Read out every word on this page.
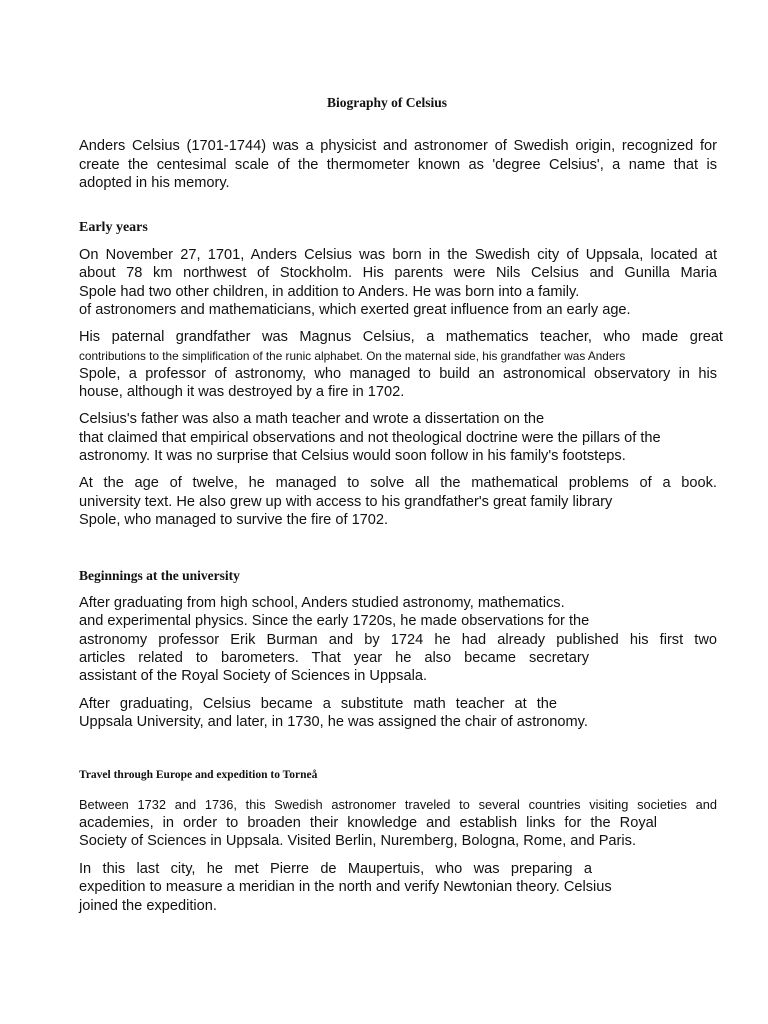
Biography of Celsius
Anders Celsius (1701-1744) was a physicist and astronomer of Swedish origin, recognized for
create the centesimal scale of the thermometer known as 'degree Celsius', a name that is
adopted in his memory.
Early years
On November 27, 1701, Anders Celsius was born in the Swedish city of Uppsala, located at
about 78 km northwest of Stockholm. His parents were Nils Celsius and Gunilla Maria
Spole had two other children, in addition to Anders. He was born into a family.
of astronomers and mathematicians, which exerted great influence from an early age.
His paternal grandfather was Magnus Celsius, a mathematics teacher, who made great
contributions to the simplification of the runic alphabet. On the maternal side, his grandfather was Anders
Spole, a professor of astronomy, who managed to build an astronomical observatory in his
house, although it was destroyed by a fire in 1702.
Celsius's father was also a math teacher and wrote a dissertation on the
that claimed that empirical observations and not theological doctrine were the pillars of the
astronomy. It was no surprise that Celsius would soon follow in his family's footsteps.
At the age of twelve, he managed to solve all the mathematical problems of a book.
university text. He also grew up with access to his grandfather's great family library
Spole, who managed to survive the fire of 1702.
Beginnings at the university
After graduating from high school, Anders studied astronomy, mathematics.
and experimental physics. Since the early 1720s, he made observations for the
astronomy professor Erik Burman and by 1724 he had already published his first two
articles related to barometers. That year he also became secretary
assistant of the Royal Society of Sciences in Uppsala.
After graduating, Celsius became a substitute math teacher at the
Uppsala University, and later, in 1730, he was assigned the chair of astronomy.
Travel through Europe and expedition to Torneå
Between 1732 and 1736, this Swedish astronomer traveled to several countries visiting societies and
academies, in order to broaden their knowledge and establish links for the Royal
Society of Sciences in Uppsala. Visited Berlin, Nuremberg, Bologna, Rome, and Paris.
In this last city, he met Pierre de Maupertuis, who was preparing a
expedition to measure a meridian in the north and verify Newtonian theory. Celsius
joined the expedition.
